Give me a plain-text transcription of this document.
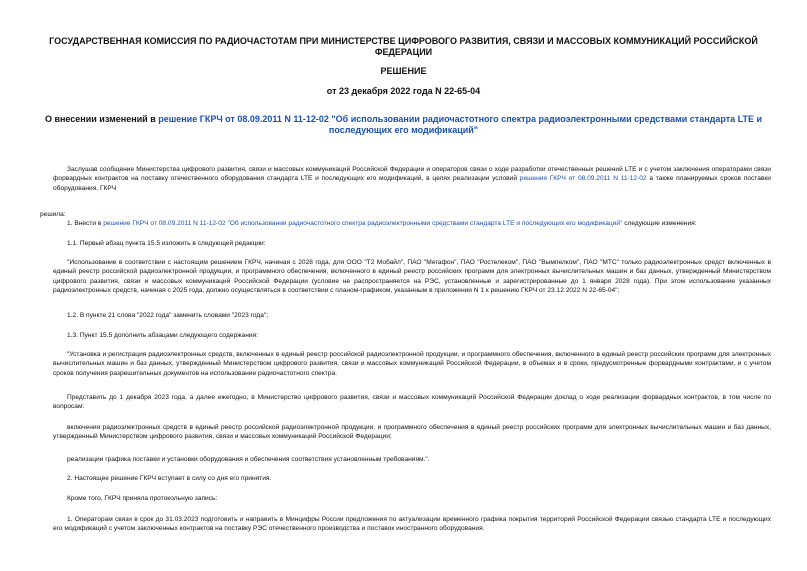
ГОСУДАРСТВЕННАЯ КОМИССИЯ ПО РАДИОЧАСТОТАМ ПРИ МИНИСТЕРСТВЕ ЦИФРОВОГО РАЗВИТИЯ, СВЯЗИ И МАССОВЫХ КОММУНИКАЦИЙ РОССИЙСКОЙ ФЕДЕРАЦИИ
РЕШЕНИЕ
от 23 декабря 2022 года N 22-65-04
О внесении изменений в решение ГКРЧ от 08.09.2011 N 11-12-02 "Об использовании радиочастотного спектра радиоэлектронными средствами стандарта LTE и последующих его модификаций"

Заслушав сообщение Министерства цифрового развития, связи и массовых коммуникаций Российской Федерации и операторов связи о ходе разработки отечественных решений LTE и с учетом заключения операторами связи форвардных контрактов на поставку отечественного оборудования стандарта LTE и последующих его модификаций, в целях реализации условий решения ГКРЧ от 08.09.2011 N 11-12-02 а также планируемых сроков поставки оборудования, ГКРЧ

решила:

1. Внести в решение ГКРЧ от 08.09.2011 N 11-12-02 "Об использовании радиочастотного спектра радиоэлектронными средствами стандарта LTE и последующих его модификаций" следующие изменения:

1.1. Первый абзац пункта 15.5 изложить в следующей редакции:

"Использование в соответствии с настоящим решением ГКРЧ, начиная с 2028 года, для ООО "Т2 Мобайл", ПАО "Мегафон", ПАО "Ростелеком", ПАО "Вымпелком", ПАО "МТС" только радиоэлектронных средст включенных в единый реестр российской радиоэлектронной продукции, и программного обеспечения, включенного в единый реестр российских программ для электронных вычислительных машин и баз данных, утвержденный Министерством цифрового развития, связи и массовых коммуникаций Российской Федерации (условие не распространяется на РЭС, установленные и зарегистрированные до 1 января 2028 года). При этом использование указанных радиоэлектронных средств, начиная с 2025 года, должно осуществляться в соответствии с планом-графиком, указанным в приложении N 1 к решению ГКРЧ от 23.12.2022 N 22-65-04";

1.2. В пункте 21 слова "2022 года" заменить словами "2023 года";

1.3. Пункт 15.5 дополнить абзацами следующего содержания:

"Установка и регистрация радиоэлектронных средств, включенных в единый реестр российской радиоэлектронной продукции, и программного обеспечения, включенного в единый реестр российских программ для электронных вычислительных машин и баз данных, утвержденный Министерством цифрового развития, связи и массовых коммуникаций Российской Федерации, в объемах и в сроки, предусмотренные форвардными контрактами, и с учетом сроков получения разрешительных документов на использование радиочастотного спектра.

Представить до 1 декабря 2023 года, а далее ежегодно, в Министерство цифрового развития, связи и массовых коммуникаций Российской Федерации доклад о ходе реализации форвардных контрактов, в том числе по вопросам:

включения радиоэлектронных средств в единый реестр российской радиоэлектронной продукции, и программного обеспечения в единый реестр российских программ для электронных вычислительных машин и баз данных, утвержденный Министерством цифрового развития, связи и массовых коммуникаций Российской Федерации;

реализации графика поставки и установки оборудования и обеспечения соответствия установленным требованиям.".

2. Настоящее решение ГКРЧ вступает в силу со дня его принятия.

Кроме того, ГКРЧ приняла протокольную запись:

1. Операторам связи в срок до 31.03.2023 подготовить и направить в Минцифры России предложения по актуализации временного графика покрытия территорий Российской Федерации связью стандарта LTE и последующих его модификаций с учетом заключенных контрактов на поставку РЭС отечественного производства и поставок иностранного оборудования.
